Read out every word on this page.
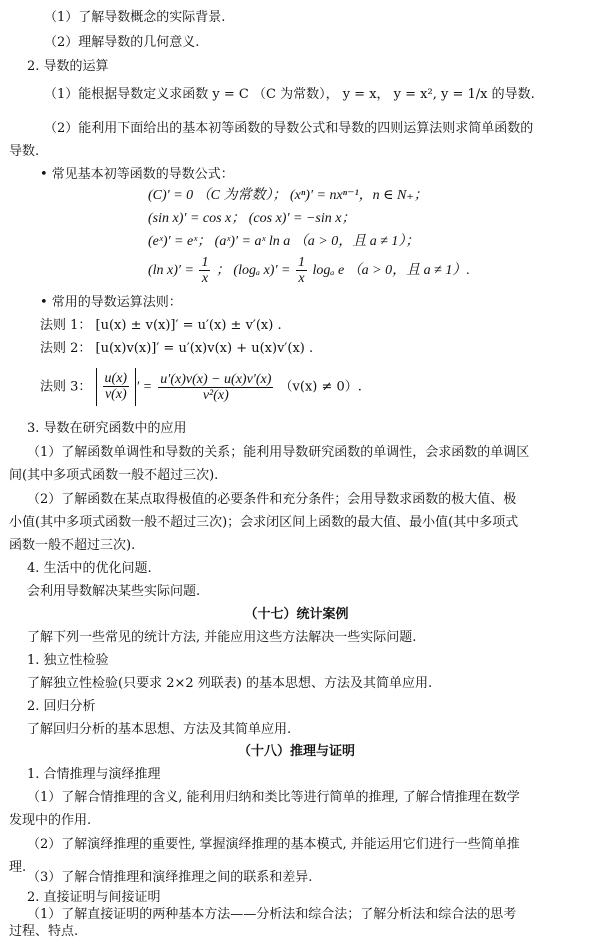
（1）了解导数概念的实际背景.
（2）理解导数的几何意义.
2. 导数的运算
（1）能根据导数定义求函数 y = C （C 为常数）， y = x， y = x², y = 1/x 的导数.
（2）能利用下面给出的基本初等函数的导数公式和导数的四则运算法则求简单函数的
导数.
• 常见基本初等函数的导数公式：
(C)′ = 0 （C 为常数）； (xⁿ)′ = nxⁿ⁻¹，n ∈ N₊；
(sin x)′ = cos x； (cos x)′ = −sin x；
(eˣ)′ = eˣ； (aˣ)′ = aˣ ln a （a > 0，且 a ≠ 1）；
(ln $x)' = \frac{1}{x}$ ； (logₐ $x)' = \frac{1}{x}$ logₐ e （a > 0，且 a ≠ 1）.
• 常用的导数运算法则：
法则 1： [u(x) ± v(x)]′ = u′(x) ± v′(x) .
法则 2： [u(x)v(x)]′ = u′(x)v(x) + u(x)v′(x) .
法则 3： $\frac{u(x)}{v(x)}$ ′ = $\frac{u'(x)v(x) - u(x)v'(x)}{\text{v²(x)}} (v(x) \ne 0)$.
3. 导数在研究函数中的应用
（1）了解函数单调性和导数的关系；能利用导数研究函数的单调性，会求函数的单调区
间(其中多项式函数一般不超过三次).
（2）了解函数在某点取得极值的必要条件和充分条件；会用导数求函数的极大值、极
小值(其中多项式函数一般不超过三次)；会求闭区间上函数的最大值、最小值(其中多项式
函数一般不超过三次).
4. 生活中的优化问题.
会利用导数解决某些实际问题.
（十七）统计案例
了解下列一些常见的统计方法, 并能应用这些方法解决一些实际问题.
1. 独立性检验
了解独立性检验(只要求 2×2 列联表) 的基本思想、方法及其简单应用.
2. 回归分析
了解回归分析的基本思想、方法及其简单应用.
（十八）推理与证明
1. 合情推理与演绎推理
（1）了解合情推理的含义, 能利用归纳和类比等进行简单的推理, 了解合情推理在数学
发现中的作用.
（2）了解演绎推理的重要性, 掌握演绎推理的基本模式, 并能运用它们进行一些简单推
理.
（3）了解合情推理和演绎推理之间的联系和差异.
2. 直接证明与间接证明
（1）了解直接证明的两种基本方法——分析法和综合法；了解分析法和综合法的思考
过程、特点.
